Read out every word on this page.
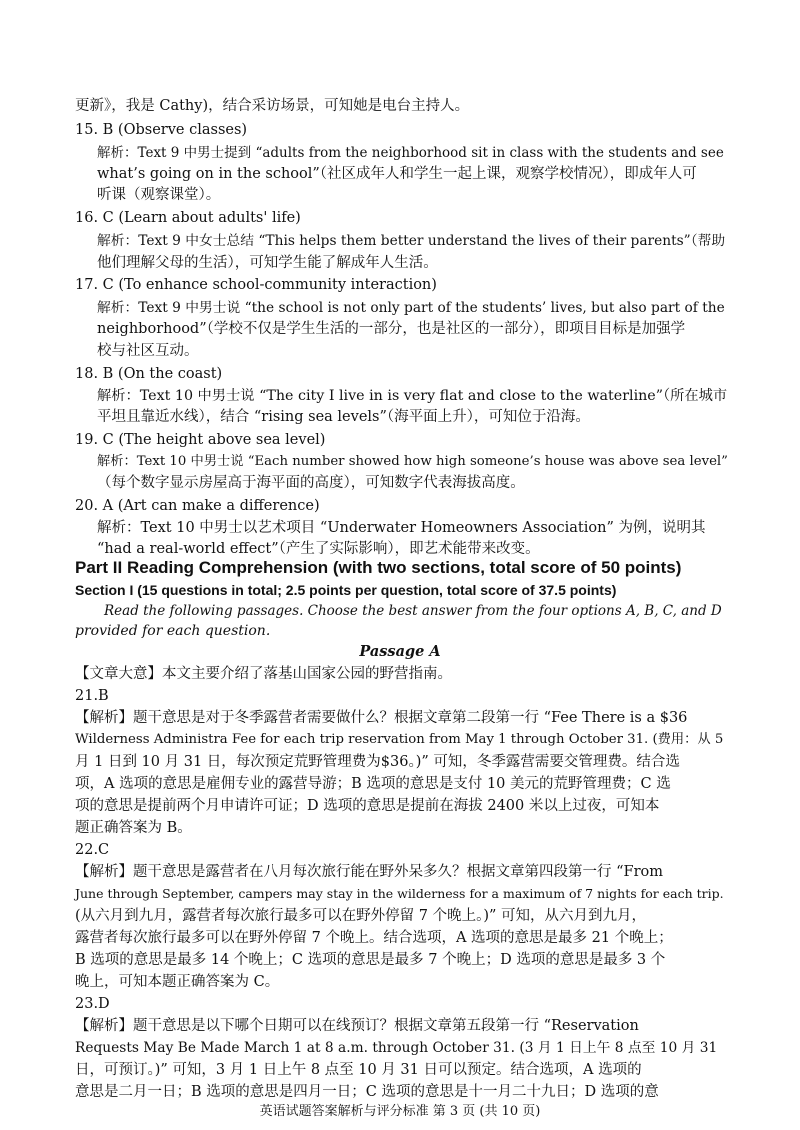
更新》，我是 Cathy)，结合采访场景，可知她是电台主持人。
15. B (Observe classes)
解析：Text 9 中男士提到 “adults from the neighborhood sit in class with the students and see
what’s going on in the school”（社区成年人和学生一起上课，观察学校情况），即成年人可
听课（观察课堂）。
16. C (Learn about adults' life)
解析：Text 9 中女士总结 “This helps them better understand the lives of their parents”（帮助
他们理解父母的生活），可知学生能了解成年人生活。
17. C (To enhance school-community interaction)
解析：Text 9 中男士说 “the school is not only part of the students’ lives, but also part of the
neighborhood”（学校不仅是学生生活的一部分，也是社区的一部分），即项目目标是加强学
校与社区互动。
18. B (On the coast)
解析：Text 10 中男士说 “The city I live in is very flat and close to the waterline”（所在城市
平坦且靠近水线），结合 “rising sea levels”（海平面上升），可知位于沿海。
19. C (The height above sea level)
解析：Text 10 中男士说 “Each number showed how high someone’s house was above sea level”
（每个数字显示房屋高于海平面的高度），可知数字代表海拔高度。
20. A (Art can make a difference)
解析：Text 10 中男士以艺术项目 “Underwater Homeowners Association” 为例，说明其
“had a real-world effect”（产生了实际影响），即艺术能带来改变。
Part II Reading Comprehension (with two sections, total score of 50 points)
Section I (15 questions in total; 2.5 points per question, total score of 37.5 points)
Read the following passages. Choose the best answer from the four options A, B, C, and D
provided for each question.
Passage A
【文章大意】本文主要介绍了落基山国家公园的野营指南。
21.B
【解析】题干意思是对于冬季露营者需要做什么？根据文章第二段第一行 “Fee There is a $36
Wilderness Administra Fee for each trip reservation from May 1 through October 31. (费用：从 5
月 1 日到 10 月 31 日，每次预定荒野管理费为$36。)” 可知，冬季露营需要交管理费。结合选
项，A 选项的意思是雇佣专业的露营导游；B 选项的意思是支付 10 美元的荒野管理费；C 选
项的意思是提前两个月申请许可证；D 选项的意思是提前在海拔 2400 米以上过夜，可知本
题正确答案为 B。
22.C
【解析】题干意思是露营者在八月每次旅行能在野外呆多久？根据文章第四段第一行 “From
June through September, campers may stay in the wilderness for a maximum of 7 nights for each trip.
(从六月到九月，露营者每次旅行最多可以在野外停留 7 个晚上。)” 可知，从六月到九月，
露营者每次旅行最多可以在野外停留 7 个晚上。结合选项，A 选项的意思是最多 21 个晚上；
B 选项的意思是最多 14 个晚上；C 选项的意思是最多 7 个晚上；D 选项的意思是最多 3 个
晚上，可知本题正确答案为 C。
23.D
【解析】题干意思是以下哪个日期可以在线预订？根据文章第五段第一行 “Reservation
Requests May Be Made March 1 at 8 a.m. through October 31. (3 月 1 日上午 8 点至 10 月 31
日，可预订。)” 可知，3 月 1 日上午 8 点至 10 月 31 日可以预定。结合选项，A 选项的
意思是二月一日；B 选项的意思是四月一日；C 选项的意思是十一月二十九日；D 选项的意
英语试题答案解析与评分标准 第 3 页 (共 10 页)
